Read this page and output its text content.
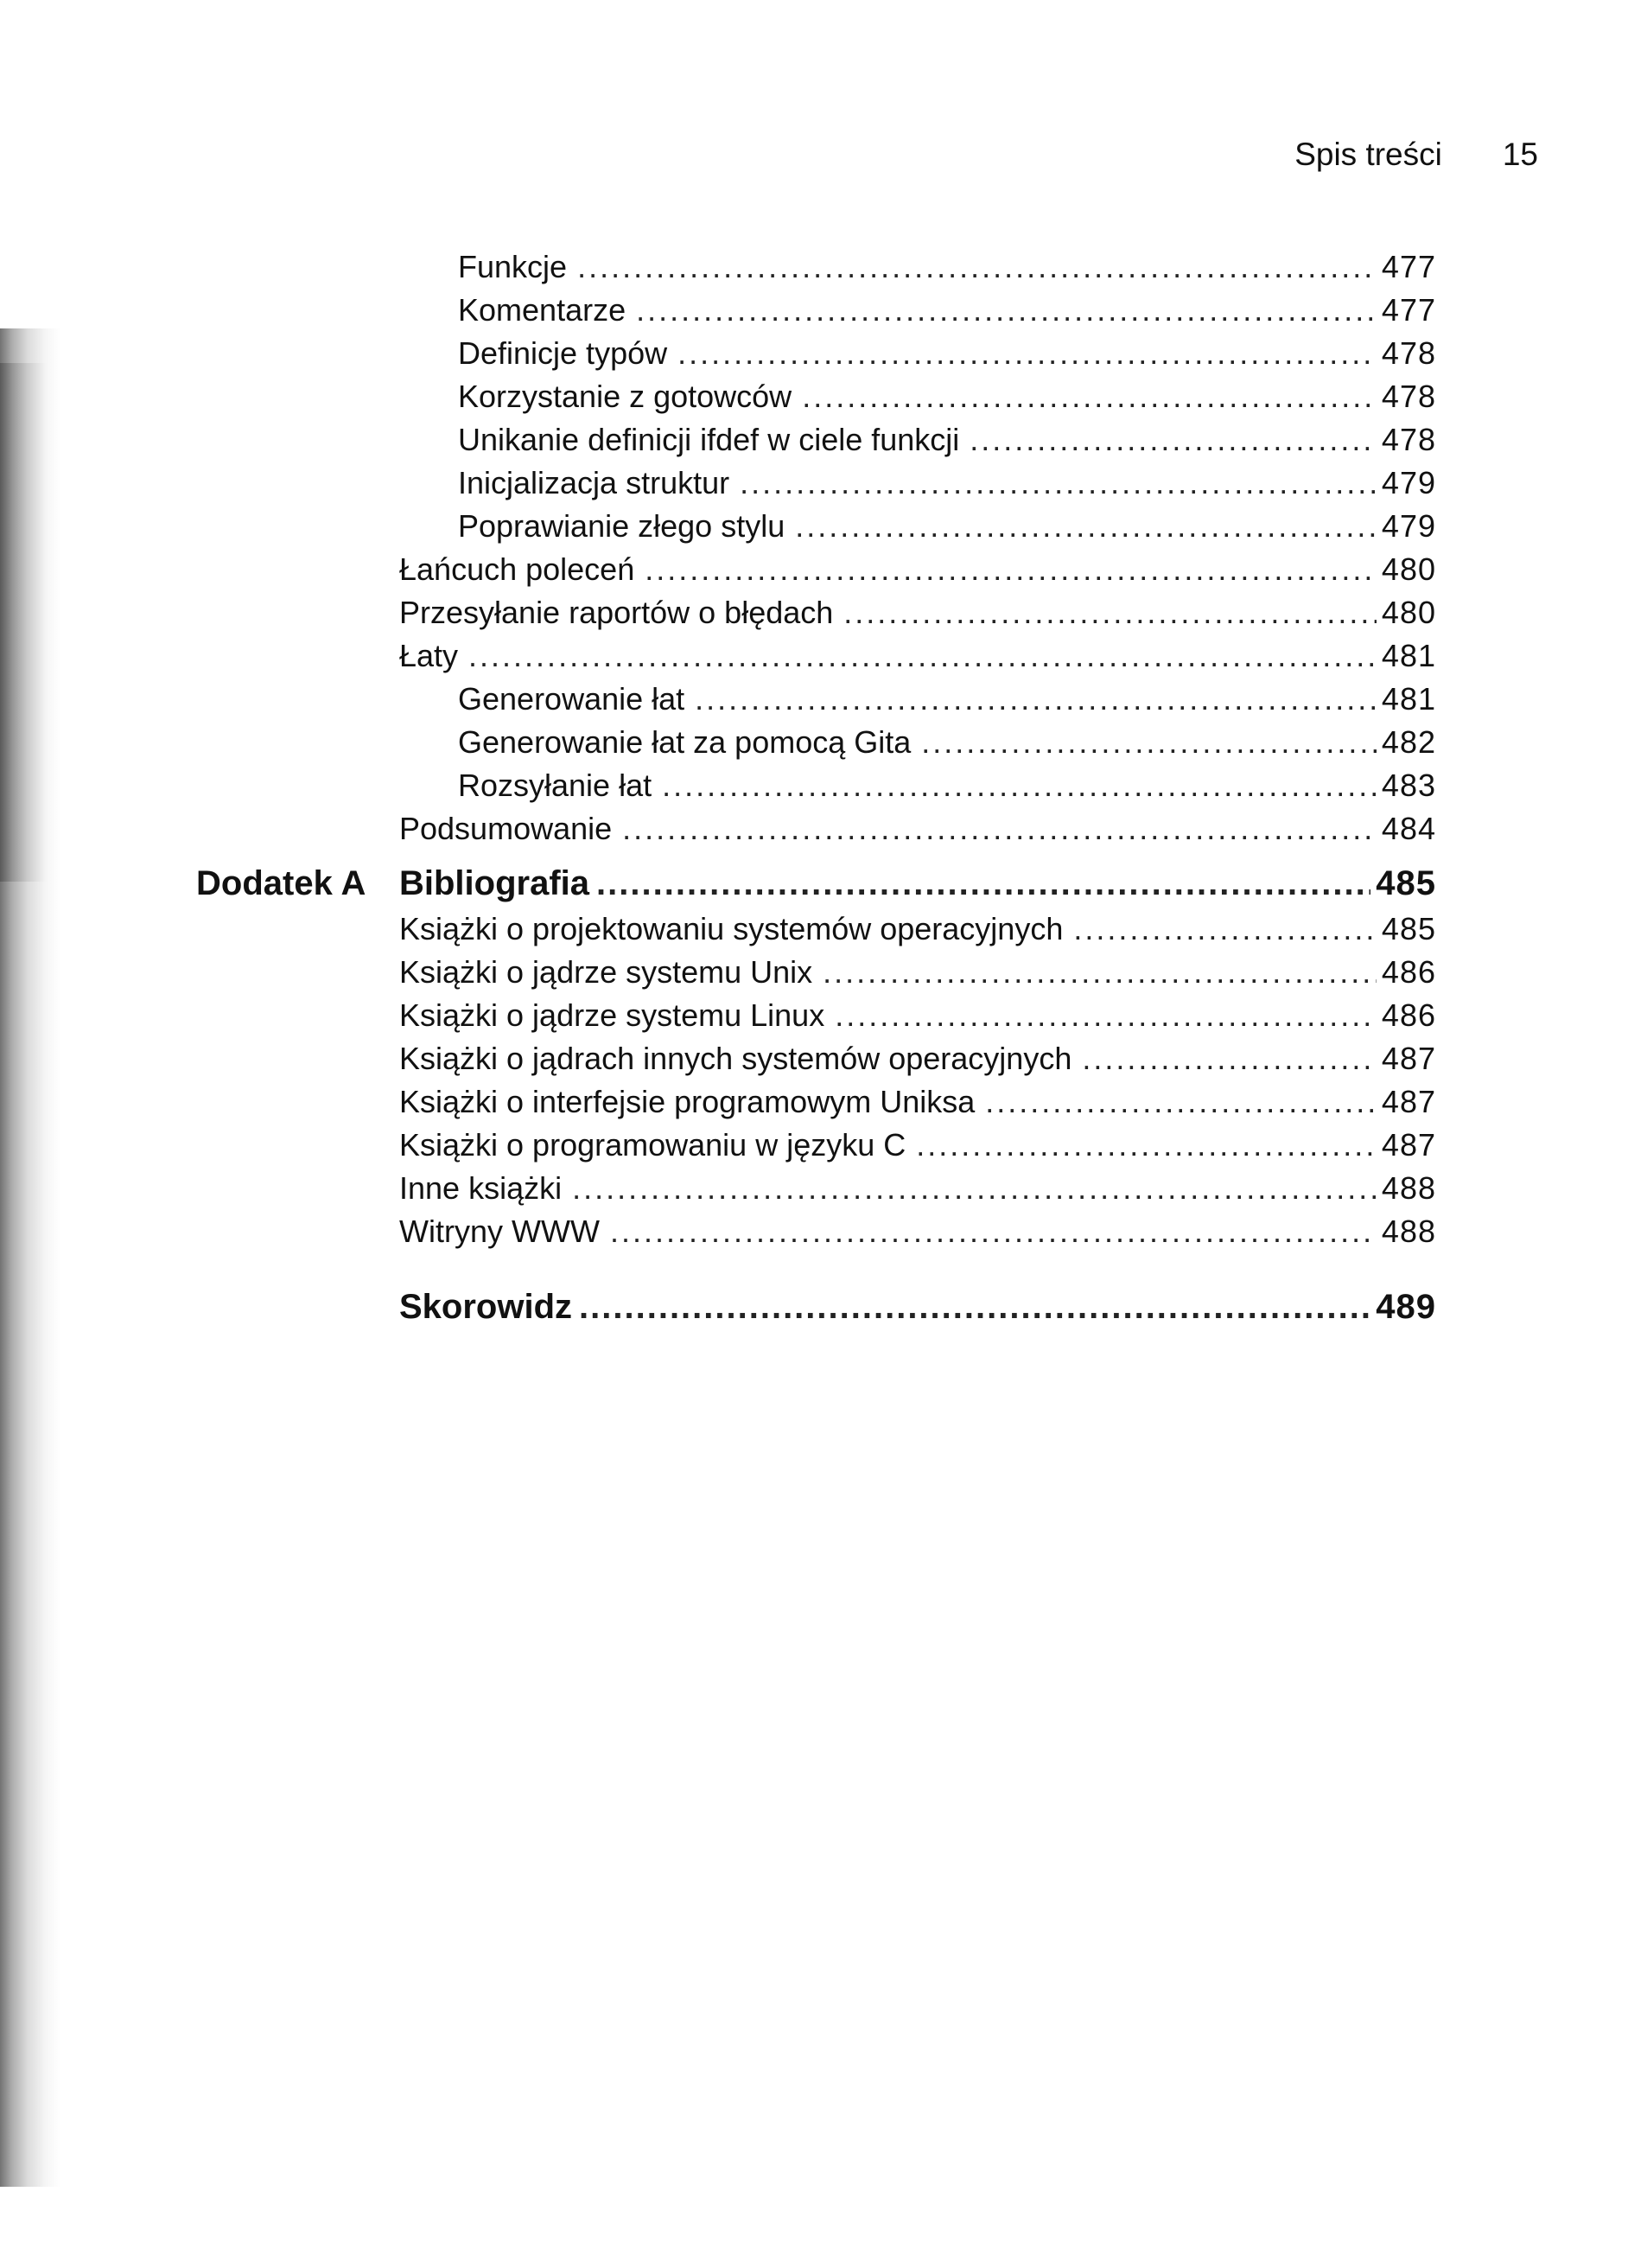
Spis treści 15
Funkcje .....	477
Komentarze .....	477
Definicje typów .....	478
Korzystanie z gotowców .....	478
Unikanie definicji ifdef w ciele funkcji .....	478
Inicjalizacja struktur .....	479
Poprawianie złego stylu .....	479
Łańcuch poleceń .....	480
Przesyłanie raportów o błędach .....	480
Łaty .....	481
Generowanie łat .....	481
Generowanie łat za pomocą Gita .....	482
Rozsyłanie łat .....	483
Podsumowanie .....	484
Dodatek A Bibliografia .....	485
Książki o projektowaniu systemów operacyjnych .....	485
Książki o jądrze systemu Unix .....	486
Książki o jądrze systemu Linux .....	486
Książki o jądrach innych systemów operacyjnych .....	487
Książki o interfejsie programowym Uniksa .....	487
Książki o programowaniu w języku C .....	487
Inne książki .....	488
Witryny WWW .....	488
Skorowidz .....	489
